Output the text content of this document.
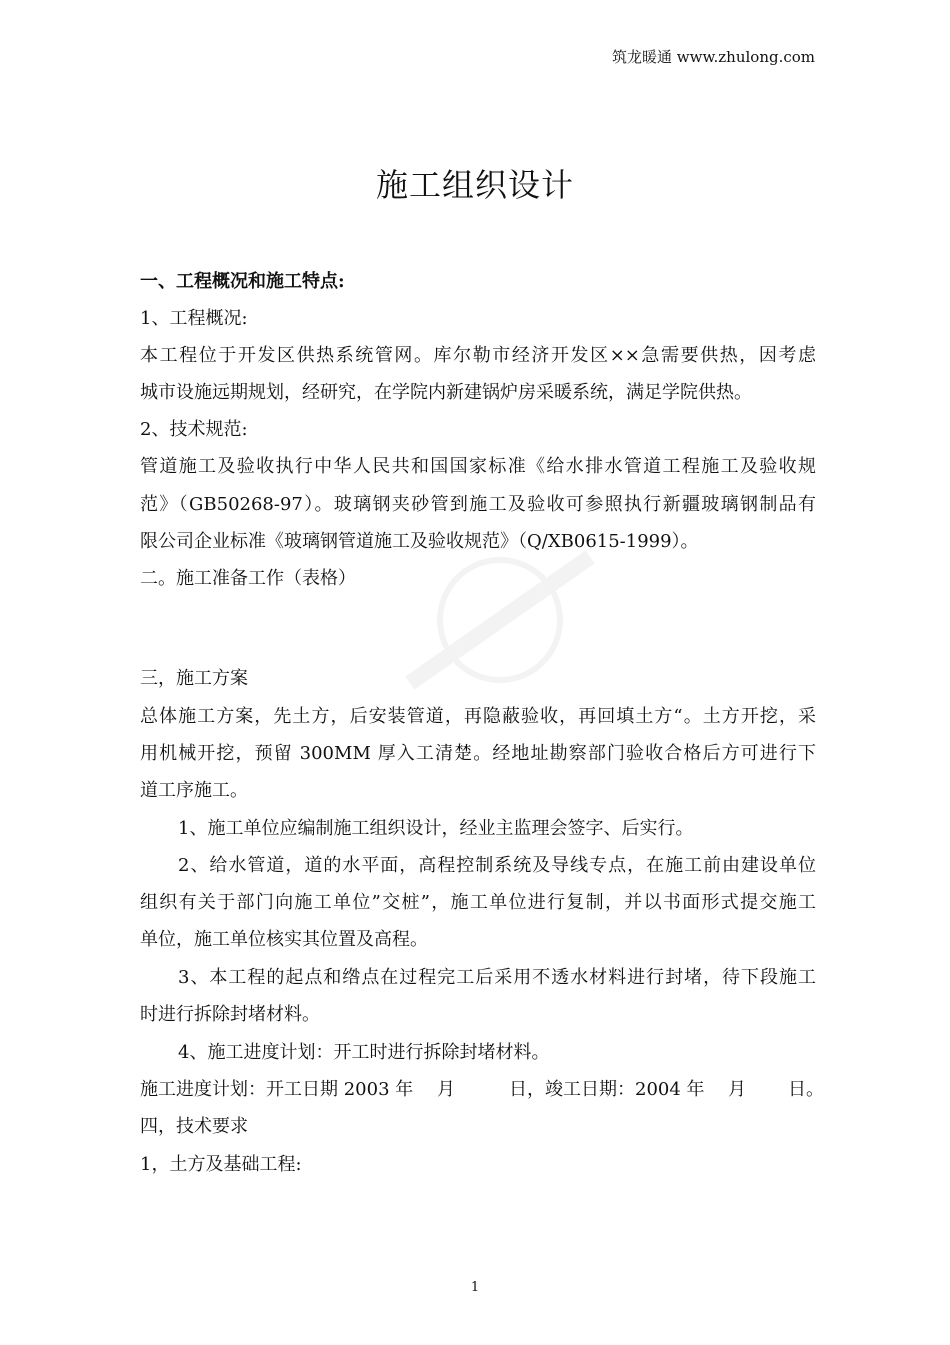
筑龙暖通 www.zhulong.com
施工组织设计
一、工程概况和施工特点:
1、工程概况:
本工程位于开发区供热系统管网。库尔勒市经济开发区××急需要供热，因考虑
城市设施远期规划，经研究，在学院内新建锅炉房采暖系统，满足学院供热。
2、技术规范:
管道施工及验收执行中华人民共和国国家标准《给水排水管道工程施工及验收规
范》（GB50268-97）。玻璃钢夹砂管到施工及验收可参照执行新疆玻璃钢制品有
限公司企业标准《玻璃钢管道施工及验收规范》（Q/XB0615-1999）。
二。施工准备工作（表格）
三，施工方案
总体施工方案，先土方，后安装管道，再隐蔽验收，再回填土方“。土方开挖，采
用机械开挖，预留 300MM 厚入工清楚。经地址勘察部门验收合格后方可进行下
道工序施工。
1、施工单位应编制施工组织设计，经业主监理会签字、后实行。
2、给水管道，道的水平面，高程控制系统及导线专点，在施工前由建设单位
组织有关于部门向施工单位”交桩”，施工单位进行复制，并以书面形式提交施工
单位，施工单位核实其位置及高程。
3、本工程的起点和绺点在过程完工后采用不透水材料进行封堵，待下段施工
时进行拆除封堵材料。
4、施工进度计划：开工时进行拆除封堵材料。
施工进度计划：开工日期 2003 年 月	日，竣工日期：2004 年 月 日。
四，技术要求
1，土方及基础工程:
1
